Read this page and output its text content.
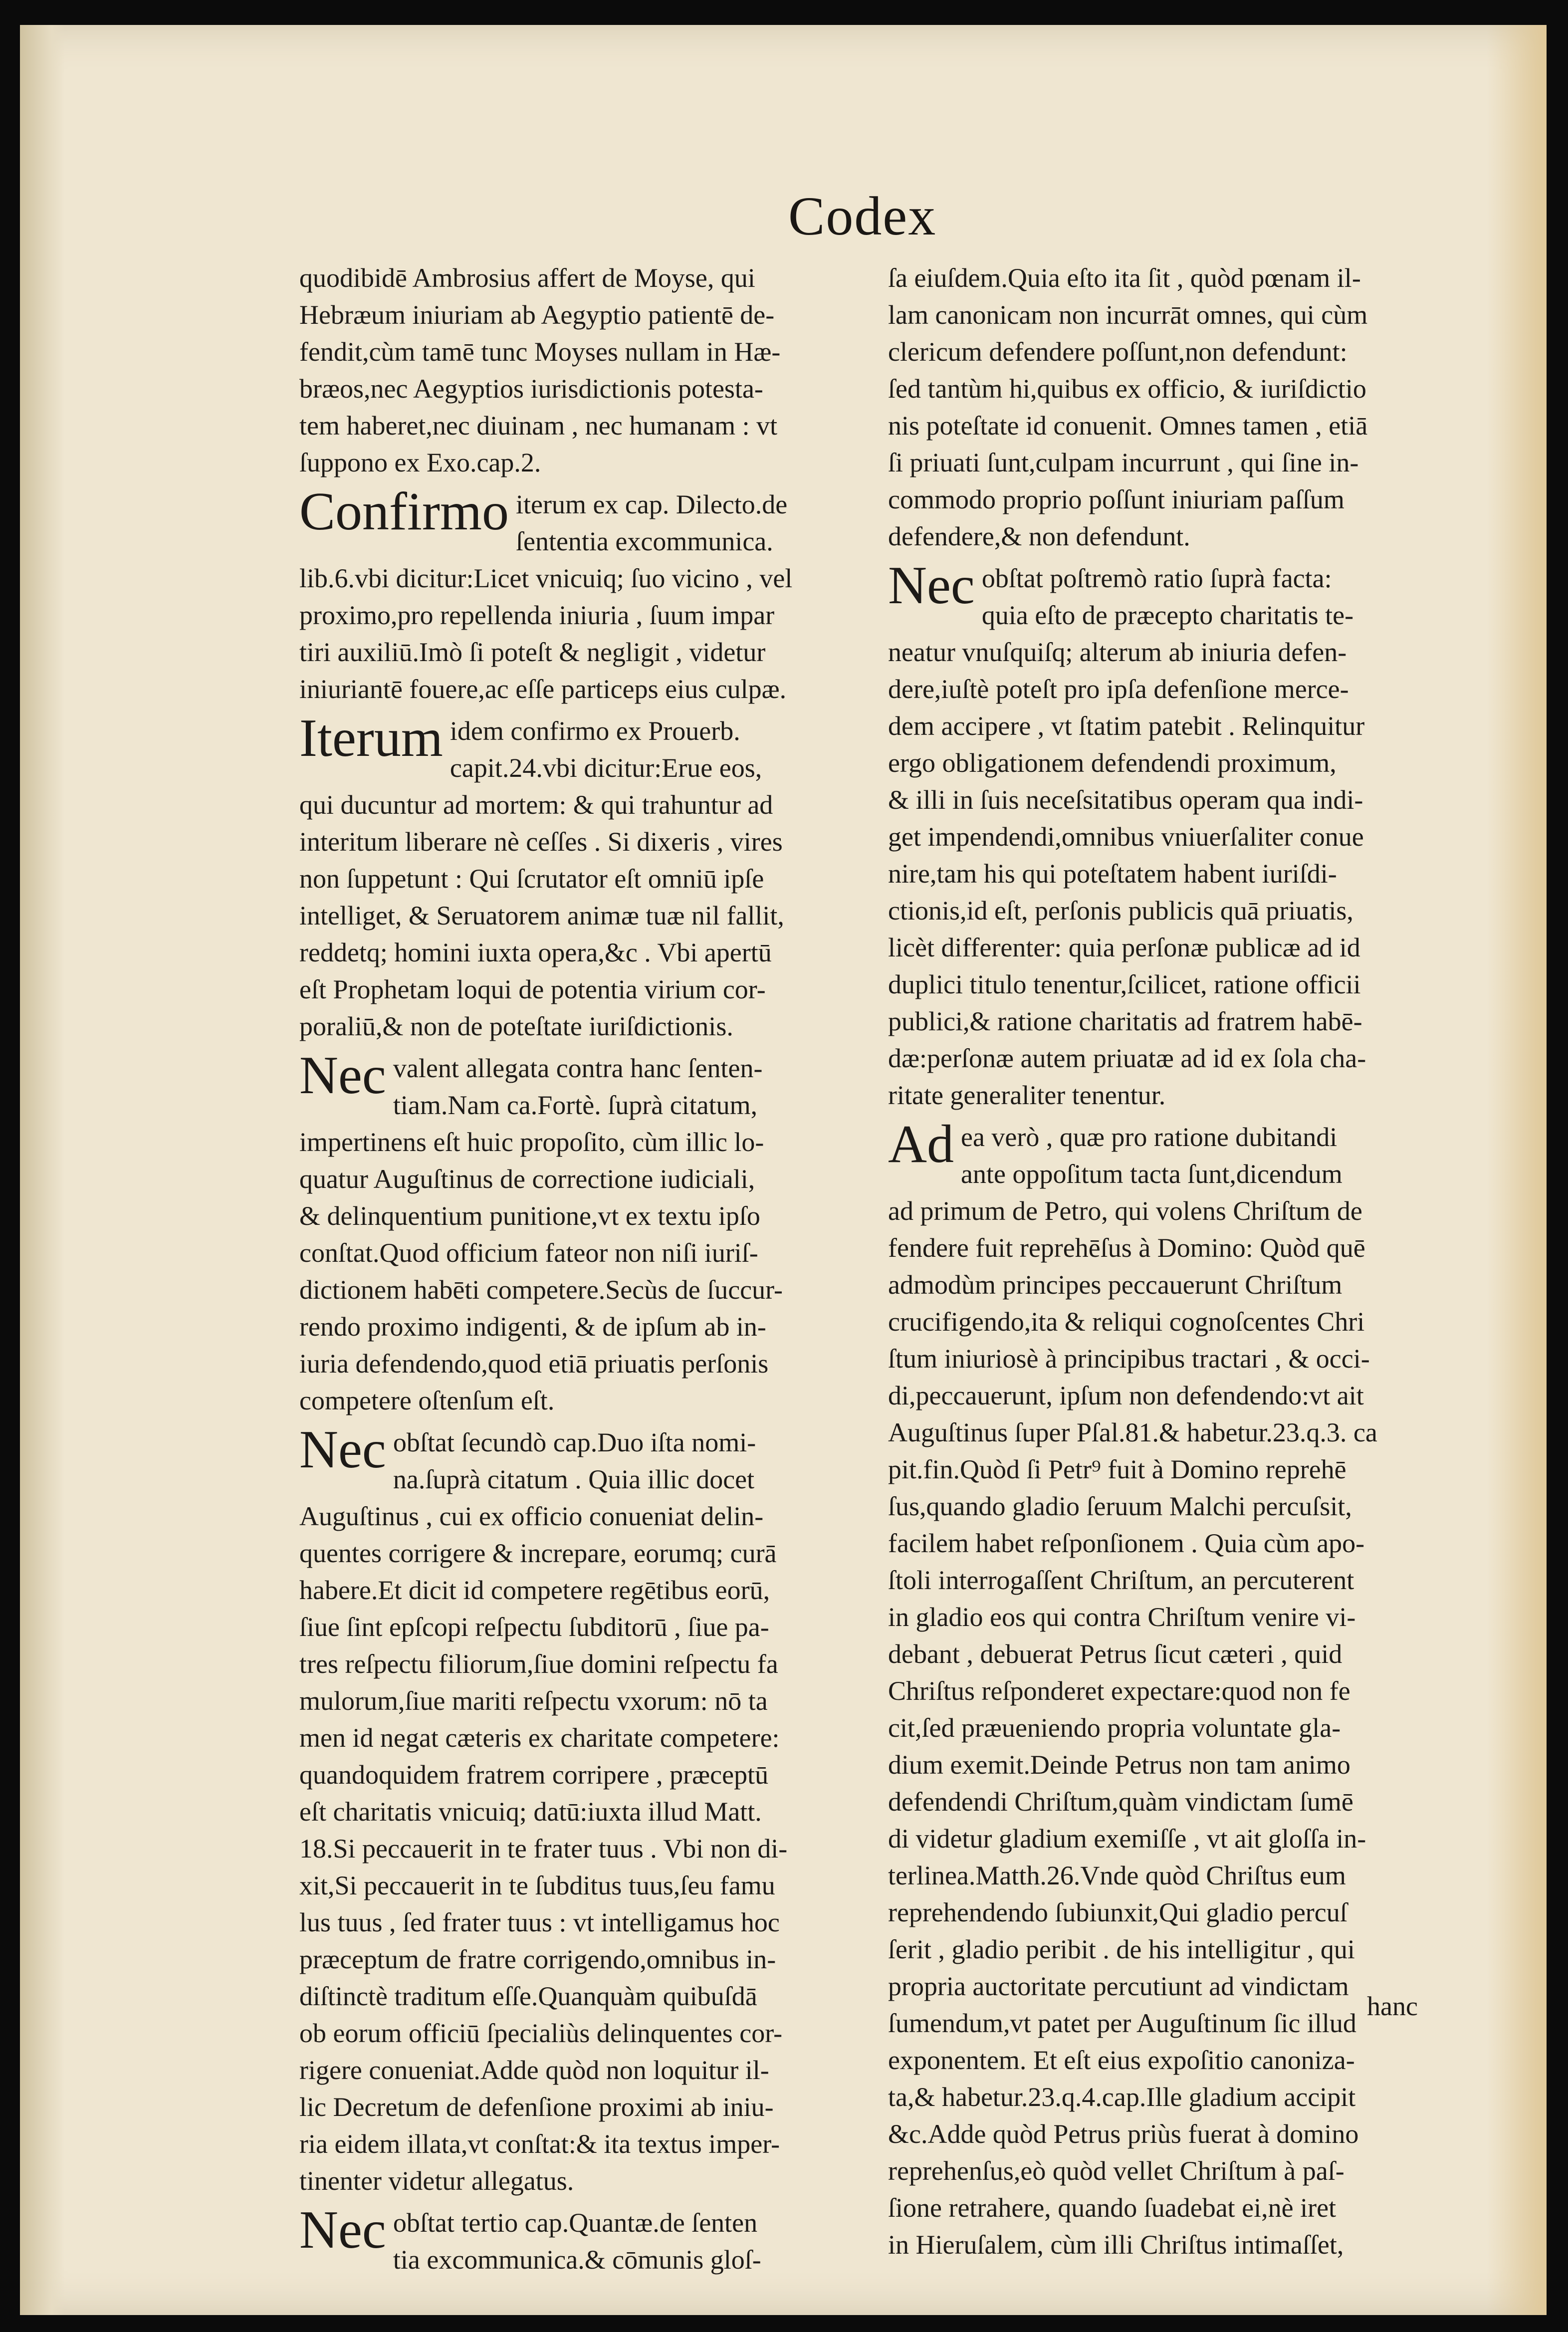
Codex
quodibidē Ambrosius affert de Moyse, qui
Hebræum iniuriam ab Aegyptio patientē de-
fendit,cùm tamē tunc Moyses nullam in Hæ-
bræos,nec Aegyptios iurisdictionis potesta-
tem haberet,nec diuinam , nec humanam : vt
ſuppono ex Exo.cap.2.
Confirmo iterum ex cap. Dilecto.de
ſententia excommunica.
lib.6.vbi dicitur:Licet vnicuiq; ſuo vicino , vel
proximo,pro repellenda iniuria , ſuum impar
tiri auxiliū.Imò ſi poteſt & negligit , videtur
iniuriantē fouere,ac eſſe particeps eius culpæ.
Iterum idem confirmo ex Prouerb.
capit.24.vbi dicitur:Erue eos,
qui ducuntur ad mortem: & qui trahuntur ad
interitum liberare nè ceſſes . Si dixeris , vires
non ſuppetunt : Qui ſcrutator eſt omniū ipſe
intelliget, & Seruatorem animæ tuæ nil fallit,
reddetq; homini iuxta opera,&c . Vbi apertū
eſt Prophetam loqui de potentia virium cor-
poraliū,& non de poteſtate iuriſdictionis.
Nec valent allegata contra hanc ſenten-
tiam.Nam ca.Fortè. ſuprà citatum,
impertinens eſt huic propoſito, cùm illic lo-
quatur Auguſtinus de correctione iudiciali,
& delinquentium punitione,vt ex textu ipſo
conſtat.Quod officium fateor non niſi iuriſ-
dictionem habēti competere.Secùs de ſuccur-
rendo proximo indigenti, & de ipſum ab in-
iuria defendendo,quod etiā priuatis perſonis
competere oſtenſum eſt.
Nec obſtat ſecundò cap.Duo iſta nomi-
na.ſuprà citatum . Quia illic docet
Auguſtinus , cui ex officio conueniat delin-
quentes corrigere & increpare, eorumq; curā
habere.Et dicit id competere regētibus eorū,
ſiue ſint epſcopi reſpectu ſubditorū , ſiue pa-
tres reſpectu filiorum,ſiue domini reſpectu fa
mulorum,ſiue mariti reſpectu vxorum: nō ta
men id negat cæteris ex charitate competere:
quandoquidem fratrem corripere , præceptū
eſt charitatis vnicuiq; datū:iuxta illud Matt.
18.Si peccauerit in te frater tuus . Vbi non di-
xit,Si peccauerit in te ſubditus tuus,ſeu famu
lus tuus , ſed frater tuus : vt intelligamus hoc
præceptum de fratre corrigendo,omnibus in-
diſtinctè traditum eſſe.Quanquàm quibuſdā
ob eorum officiū ſpecialiùs delinquentes cor-
rigere conueniat.Adde quòd non loquitur il-
lic Decretum de defenſione proximi ab iniu-
ria eidem illata,vt conſtat:& ita textus imper-
tinenter videtur allegatus.
Nec obſtat tertio cap.Quantæ.de ſenten
tia excommunica.& cōmunis gloſ-
ſa eiuſdem.Quia eſto ita ſit , quòd pœnam il-
lam canonicam non incurrāt omnes, qui cùm
clericum defendere poſſunt,non defendunt:
ſed tantùm hi,quibus ex officio, & iuriſdictio
nis poteſtate id conuenit. Omnes tamen , etiā
ſi priuati ſunt,culpam incurrunt , qui ſine in-
commodo proprio poſſunt iniuriam paſſum
defendere,& non defendunt.
Nec obſtat poſtremò ratio ſuprà facta:
quia eſto de præcepto charitatis te-
neatur vnuſquiſq; alterum ab iniuria defen-
dere,iuſtè poteſt pro ipſa defenſione merce-
dem accipere , vt ſtatim patebit . Relinquitur
ergo obligationem defendendi proximum,
& illi in ſuis neceſsitatibus operam qua indi-
get impendendi,omnibus vniuerſaliter conue
nire,tam his qui poteſtatem habent iuriſdi-
ctionis,id eſt, perſonis publicis quā priuatis,
licèt differenter: quia perſonæ publicæ ad id
duplici titulo tenentur,ſcilicet, ratione officii
publici,& ratione charitatis ad fratrem habē-
dæ:perſonæ autem priuatæ ad id ex ſola cha-
ritate generaliter tenentur.
Ad ea verò , quæ pro ratione dubitandi
ante oppoſitum tacta ſunt,dicendum
ad primum de Petro, qui volens Chriſtum de
fendere fuit reprehēſus à Domino: Quòd quē
admodùm principes peccauerunt Chriſtum
crucifigendo,ita & reliqui cognoſcentes Chri
ſtum iniuriosè à principibus tractari , & occi-
di,peccauerunt, ipſum non defendendo:vt ait
Auguſtinus ſuper Pſal.81.& habetur.23.q.3. ca
pit.fin.Quòd ſi Petr⁹ fuit à Domino reprehē
ſus,quando gladio ſeruum Malchi percuſsit,
facilem habet reſponſionem . Quia cùm apo-
ſtoli interrogaſſent Chriſtum, an percuterent
in gladio eos qui contra Chriſtum venire vi-
debant , debuerat Petrus ſicut cæteri , quid
Chriſtus reſponderet expectare:quod non fe
cit,ſed præueniendo propria voluntate gla-
dium exemit.Deinde Petrus non tam animo
defendendi Chriſtum,quàm vindictam ſumē
di videtur gladium exemiſſe , vt ait gloſſa in-
terlinea.Matth.26.Vnde quòd Chriſtus eum
reprehendendo ſubiunxit,Qui gladio percuſ
ſerit , gladio peribit . de his intelligitur , qui
propria auctoritate percutiunt ad vindictam
ſumendum,vt patet per Auguſtinum ſic illud
exponentem. Et eſt eius expoſitio canoniza-
ta,& habetur.23.q.4.cap.Ille gladium accipit
&c.Adde quòd Petrus priùs fuerat à domino
reprehenſus,eò quòd vellet Chriſtum à paſ-
ſione retrahere, quando ſuadebat ei,nè iret
in Hieruſalem, cùm illi Chriſtus intimaſſet,
hanc
